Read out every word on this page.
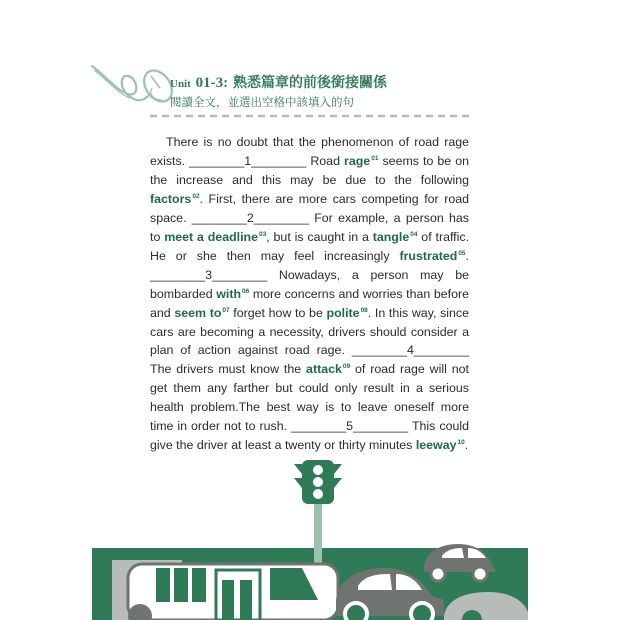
Unit 01-3: 熟悉篇章的前後銜接關係
閱讀全文，並選出空格中該填入的句

There is no doubt that the phenomenon of road rage exists. ________1________ Road rage$^{01}$ seems to be on the increase and this may be due to the following factors$^{02}$. First, there are more cars competing for road space. ________2________ For example, a person has to meet a deadline$^{03}$, but is caught in a tangle$^{04}$ of traffic. He or she then may feel increasingly frustrated$^{05}$. ________3________ Nowadays, a person may be bombarded with$^{06}$ more concerns and worries than before and seem $to^{07}$ forget how to be polite$^{08}$. In this way, since cars are becoming a necessity, drivers should consider a plan of action against road rage. ________4________ The drivers must know the attack$^{09}$ of road rage will not get them any farther but could only result in a serious health problem.The best way is to leave oneself more time in order not to rush. ________5________ This could give the driver at least a twenty or thirty minutes leeway$^{10}$.
